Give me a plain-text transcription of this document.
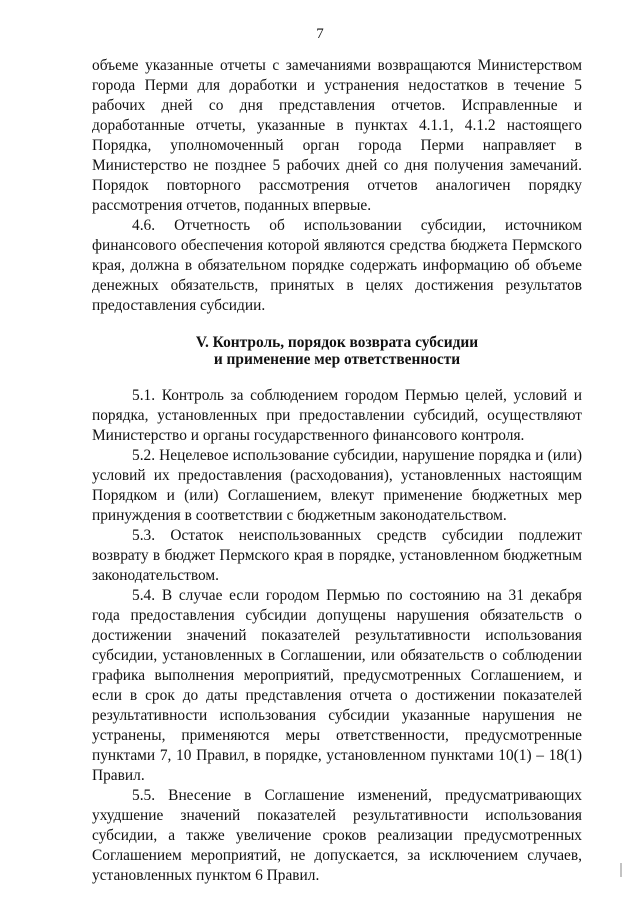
7

объеме указанные отчеты с замечаниями возвращаются Министерством города Перми для доработки и устранения недостатков в течение 5 рабочих дней со дня представления отчетов. Исправленные и доработанные отчеты, указанные в пунктах 4.1.1, 4.1.2 настоящего Порядка, уполномоченный орган города Перми направляет в Министерство не позднее 5 рабочих дней со дня получения замечаний. Порядок повторного рассмотрения отчетов аналогичен порядку рассмотрения отчетов, поданных впервые.

4.6. Отчетность об использовании субсидии, источником финансового обеспечения которой являются средства бюджета Пермского края, должна в обязательном порядке содержать информацию об объеме денежных обязательств, принятых в целях достижения результатов предоставления субсидии.

V. Контроль, порядок возврата субсидии
и применение мер ответственности

5.1. Контроль за соблюдением городом Пермью целей, условий и порядка, установленных при предоставлении субсидий, осуществляют Министерство и органы государственного финансового контроля.

5.2. Нецелевое использование субсидии, нарушение порядка и (или) условий их предоставления (расходования), установленных настоящим Порядком и (или) Соглашением, влекут применение бюджетных мер принуждения в соответствии с бюджетным законодательством.

5.3. Остаток неиспользованных средств субсидии подлежит возврату в бюджет Пермского края в порядке, установленном бюджетным законодательством.

5.4. В случае если городом Пермью по состоянию на 31 декабря года предоставления субсидии допущены нарушения обязательств о достижении значений показателей результативности использования субсидии, установленных в Соглашении, или обязательств о соблюдении графика выполнения мероприятий, предусмотренных Соглашением, и если в срок до даты представления отчета о достижении показателей результативности использования субсидии указанные нарушения не устранены, применяются меры ответственности, предусмотренные пунктами 7, 10 Правил, в порядке, установленном пунктами 10(1) – 18(1) Правил.

5.5. Внесение в Соглашение изменений, предусматривающих ухудшение значений показателей результативности использования субсидии, а также увеличение сроков реализации предусмотренных Соглашением мероприятий, не допускается, за исключением случаев, установленных пунктом 6 Правил.
